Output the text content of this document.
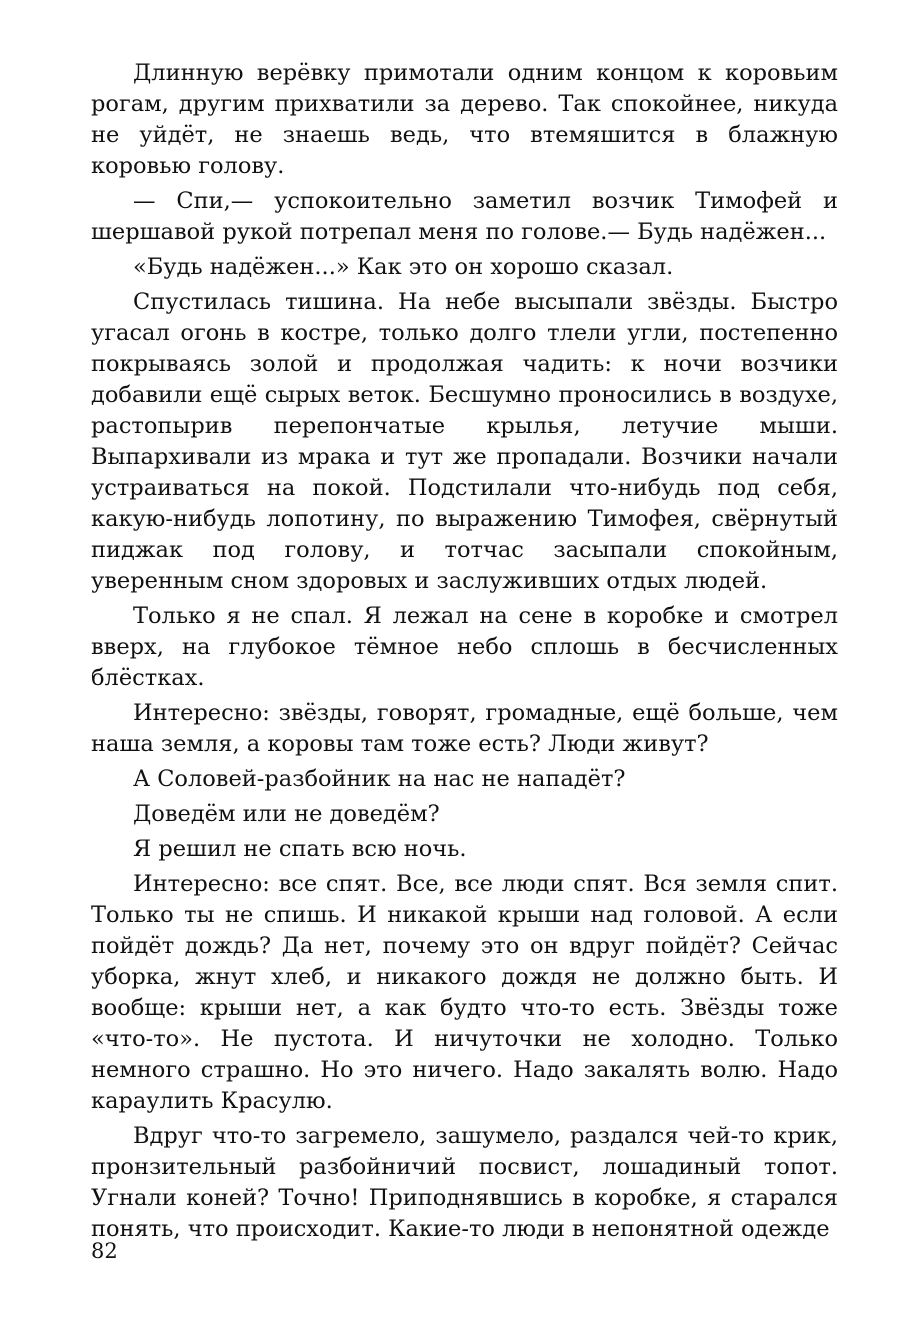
Длинную верёвку примотали одним концом к коровьим рогам, другим прихватили за дерево. Так спокойнее, никуда не уйдёт, не знаешь ведь, что втемяшится в блажную коровью голову.

— Спи,— успокоительно заметил возчик Тимофей и шершавой рукой потрепал меня по голове.— Будь надёжен...

«Будь надёжен...» Как это он хорошо сказал.

Спустилась тишина. На небе высыпали звёзды. Быстро угасал огонь в костре, только долго тлели угли, постепенно покрываясь золой и продолжая чадить: к ночи возчики добавили ещё сырых веток. Бесшумно проносились в воздухе, растопырив перепончатые крылья, летучие мыши. Выпархивали из мрака и тут же пропадали. Возчики начали устраиваться на покой. Подстилали что-нибудь под себя, какую-нибудь лопотину, по выражению Тимофея, свёрнутый пиджак под голову, и тотчас засыпали спокойным, уверенным сном здоровых и заслуживших отдых людей.

Только я не спал. Я лежал на сене в коробке и смотрел вверх, на глубокое тёмное небо сплошь в бесчисленных блёстках.

Интересно: звёзды, говорят, громадные, ещё больше, чем наша земля, а коровы там тоже есть? Люди живут?

А Соловей-разбойник на нас не нападёт?

Доведём или не доведём?

Я решил не спать всю ночь.

Интересно: все спят. Все, все люди спят. Вся земля спит. Только ты не спишь. И никакой крыши над головой. А если пойдёт дождь? Да нет, почему это он вдруг пойдёт? Сейчас уборка, жнут хлеб, и никакого дождя не должно быть. И вообще: крыши нет, а как будто что-то есть. Звёзды тоже «что-то». Не пустота. И ничуточки не холодно. Только немного страшно. Но это ничего. Надо закалять волю. Надо караулить Красулю.

Вдруг что-то загремело, зашумело, раздался чей-то крик, пронзительный разбойничий посвист, лошадиный топот. Угнали коней? Точно! Приподнявшись в коробке, я старался понять, что происходит. Какие-то люди в непонятной одежде

82
